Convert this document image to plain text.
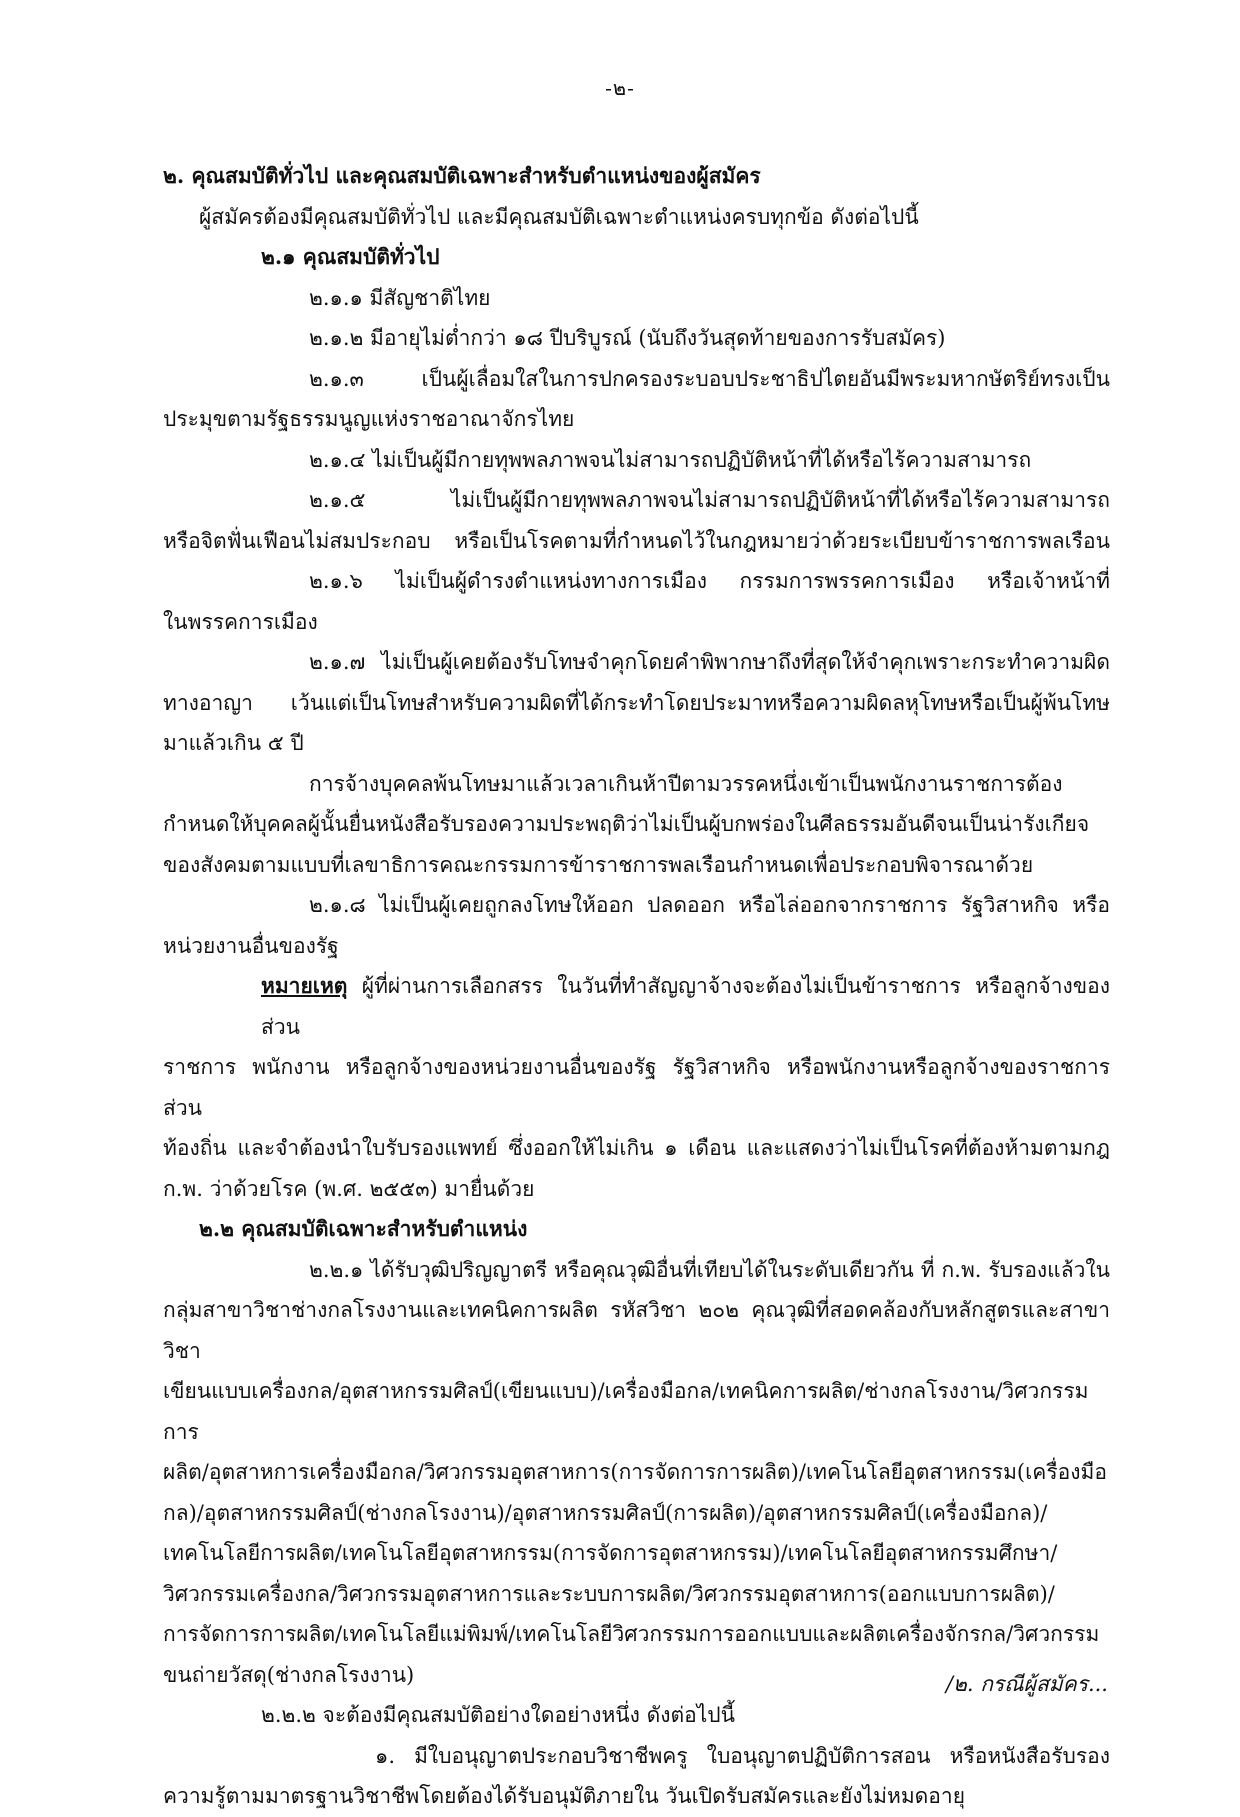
-๒-

๒. คุณสมบัติทั่วไป และคุณสมบัติเฉพาะสำหรับตำแหน่งของผู้สมัคร

ผู้สมัครต้องมีคุณสมบัติทั่วไป และมีคุณสมบัติเฉพาะตำแหน่งครบทุกข้อ ดังต่อไปนี้

๒.๑ คุณสมบัติทั่วไป

๒.๑.๑ มีสัญชาติไทย

๒.๑.๒ มีอายุไม่ต่ำกว่า ๑๘ ปีบริบูรณ์ (นับถึงวันสุดท้ายของการรับสมัคร)

๒.๑.๓ เป็นผู้เลื่อมใสในการปกครองระบอบประชาธิปไตยอันมีพระมหากษัตริย์ทรงเป็น

ประมุขตามรัฐธรรมนูญแห่งราชอาณาจักรไทย

๒.๑.๔ ไม่เป็นผู้มีกายทุพพลภาพจนไม่สามารถปฏิบัติหน้าที่ได้หรือไร้ความสามารถ

๒.๑.๕ ไม่เป็นผู้มีกายทุพพลภาพจนไม่สามารถปฏิบัติหน้าที่ได้หรือไร้ความสามารถ

หรือจิตฟั่นเฟือนไม่สมประกอบ หรือเป็นโรคตามที่กำหนดไว้ในกฎหมายว่าด้วยระเบียบข้าราชการพลเรือน

๒.๑.๖ ไม่เป็นผู้ดำรงตำแหน่งทางการเมือง กรรมการพรรคการเมือง หรือเจ้าหน้าที่

ในพรรคการเมือง

๒.๑.๗ ไม่เป็นผู้เคยต้องรับโทษจำคุกโดยคำพิพากษาถึงที่สุดให้จำคุกเพราะกระทำความผิด

ทางอาญา เว้นแต่เป็นโทษสำหรับความผิดที่ได้กระทำโดยประมาทหรือความผิดลหุโทษหรือเป็นผู้พ้นโทษ

มาแล้วเกิน ๕ ปี

การจ้างบุคคลพ้นโทษมาแล้วเวลาเกินห้าปีตามวรรคหนึ่งเข้าเป็นพนักงานราชการต้อง

กำหนดให้บุคคลผู้นั้นยื่นหนังสือรับรองความประพฤติว่าไม่เป็นผู้บกพร่องในศีลธรรมอันดีจนเป็นน่ารังเกียจ

ของสังคมตามแบบที่เลขาธิการคณะกรรมการข้าราชการพลเรือนกำหนดเพื่อประกอบพิจารณาด้วย

๒.๑.๘ ไม่เป็นผู้เคยถูกลงโทษให้ออก ปลดออก หรือไล่ออกจากราชการ รัฐวิสาหกิจ หรือ

หน่วยงานอื่นของรัฐ

หมายเหตุ ผู้ที่ผ่านการเลือกสรร ในวันที่ทำสัญญาจ้างจะต้องไม่เป็นข้าราชการ หรือลูกจ้างของส่วน

ราชการ พนักงาน หรือลูกจ้างของหน่วยงานอื่นของรัฐ รัฐวิสาหกิจ หรือพนักงานหรือลูกจ้างของราชการส่วน

ท้องถิ่น และจำต้องนำใบรับรองแพทย์ ซึ่งออกให้ไม่เกิน ๑ เดือน และแสดงว่าไม่เป็นโรคที่ต้องห้ามตามกฎ

ก.พ. ว่าด้วยโรค (พ.ศ. ๒๕๕๓) มายื่นด้วย

๒.๒ คุณสมบัติเฉพาะสำหรับตำแหน่ง

๒.๒.๑ ได้รับวุฒิปริญญาตรี หรือคุณวุฒิอื่นที่เทียบได้ในระดับเดียวกัน ที่ ก.พ. รับรองแล้วใน

กลุ่มสาขาวิชาช่างกลโรงงานและเทคนิคการผลิต รหัสวิชา ๒๐๒ คุณวุฒิที่สอดคล้องกับหลักสูตรและสาขาวิชา

เขียนแบบเครื่องกล/อุตสาหกรรมศิลป์(เขียนแบบ)/เครื่องมือกล/เทคนิคการผลิต/ช่างกลโรงงาน/วิศวกรรมการ

ผลิต/อุตสาหการเครื่องมือกล/วิศวกรรมอุตสาหการ(การจัดการการผลิต)/เทคโนโลยีอุตสาหกรรม(เครื่องมือ

กล)/อุตสาหกรรมศิลป์(ช่างกลโรงงาน)/อุตสาหกรรมศิลป์(การผลิต)/อุตสาหกรรมศิลป์(เครื่องมือกล)/

เทคโนโลยีการผลิต/เทคโนโลยีอุตสาหกรรม(การจัดการอุตสาหกรรม)/เทคโนโลยีอุตสาหกรรมศึกษา/

วิศวกรรมเครื่องกล/วิศวกรรมอุตสาหการและระบบการผลิต/วิศวกรรมอุตสาหการ(ออกแบบการผลิต)/

การจัดการการผลิต/เทคโนโลยีแม่พิมพ์/เทคโนโลยีวิศวกรรมการออกแบบและผลิตเครื่องจักรกล/วิศวกรรม

ขนถ่ายวัสดุ(ช่างกลโรงงาน)

๒.๒.๒ จะต้องมีคุณสมบัติอย่างใดอย่างหนึ่ง ดังต่อไปนี้

๑. มีใบอนุญาตประกอบวิชาชีพครู ใบอนุญาตปฏิบัติการสอน หรือหนังสือรับรอง

ความรู้ตามมาตรฐานวิชาชีพโดยต้องได้รับอนุมัติภายใน วันเปิดรับสมัครและยังไม่หมดอายุ

/๒. กรณีผู้สมัคร...
